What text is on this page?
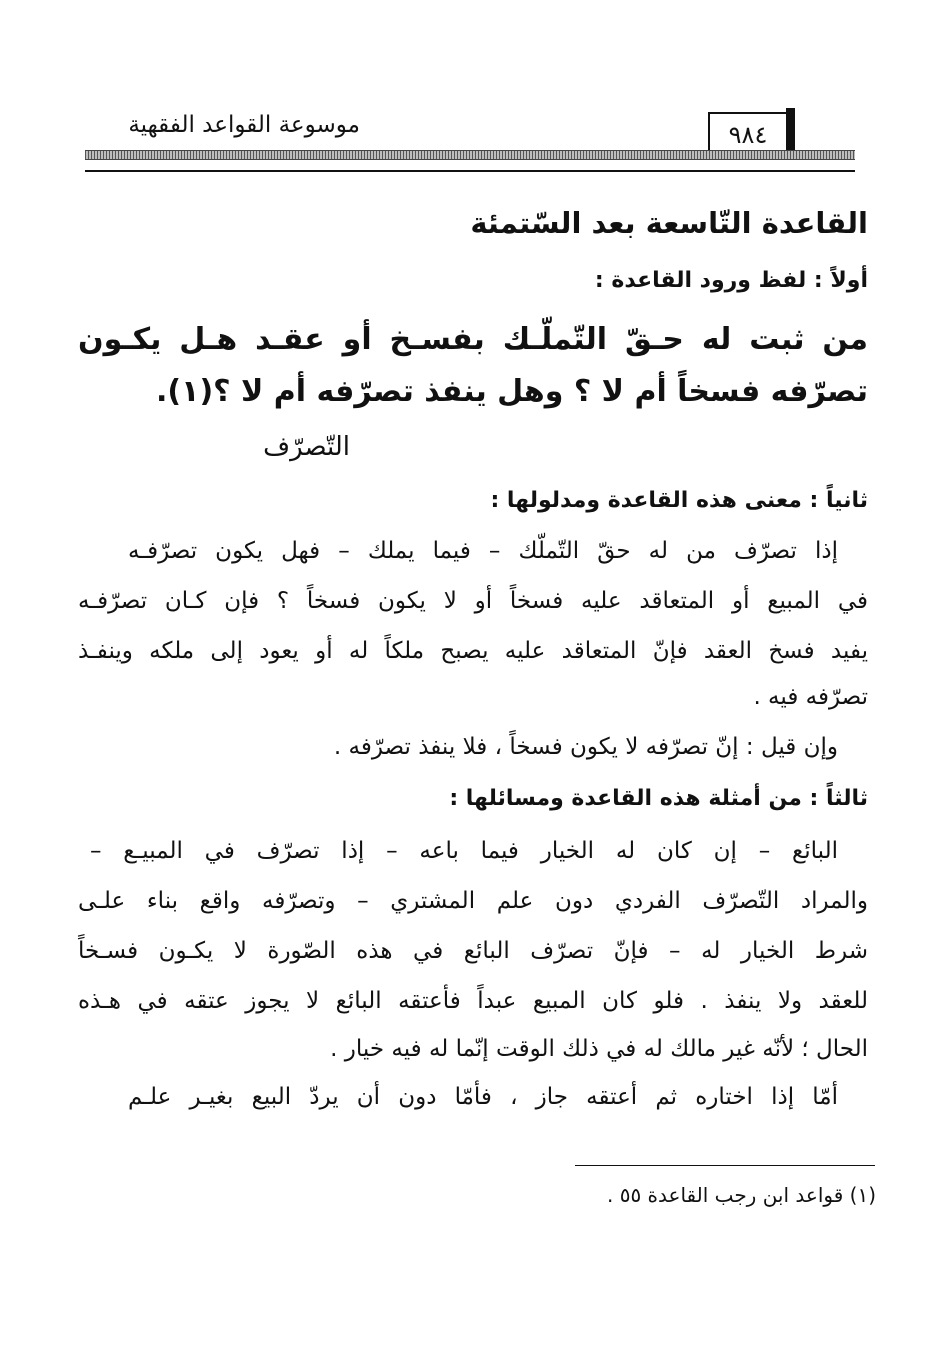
موسوعة القواعد الفقهية	٩٨٤
القاعدة التّاسعة بعد السّتمئة
أولاً : لفظ ورود القاعدة :
من ثبت له حـقّ التّملّـك بفسـخ أو عقـد هـل يكـون
تصرّفه فسخاً أم لا ؟ وهل ينفذ تصرّفه أم لا ؟(١).
التّصرّف
ثانياً : معنى هذه القاعدة ومدلولها :
إذا تصرّف من له حقّ التّملّك – فيما يملك – فهل يكون تصرّفـه
في المبيع أو المتعاقد عليه فسخاً أو لا يكون فسخاً ؟ فإن كـان تصرّفـه
يفيد فسخ العقد فإنّ المتعاقد عليه يصبح ملكاً له أو يعود إلى ملكه وينفـذ
تصرّفه فيه .
وإن قيل : إنّ تصرّفه لا يكون فسخاً ، فلا ينفذ تصرّفه .
ثالثاً : من أمثلة هذه القاعدة ومسائلها :
البائع – إن كان له الخيار فيما باعه – إذا تصرّف في المبيـع –
والمراد التّصرّف الفردي دون علم المشتري – وتصرّفه واقع بناء علـى
شرط الخيار له – فإنّ تصرّف البائع في هذه الصّورة لا يكـون فسـخاً
للعقد ولا ينفذ . فلو كان المبيع عبداً فأعتقه البائع لا يجوز عتقه في هـذه
الحال ؛ لأنّه غير مالك له في ذلك الوقت إنّما له فيه خيار .
أمّا إذا اختاره ثم أعتقه جاز ، فأمّا دون أن يردّ البيع بغيـر علـم
(١) قواعد ابن رجب القاعدة ٥٥ .
